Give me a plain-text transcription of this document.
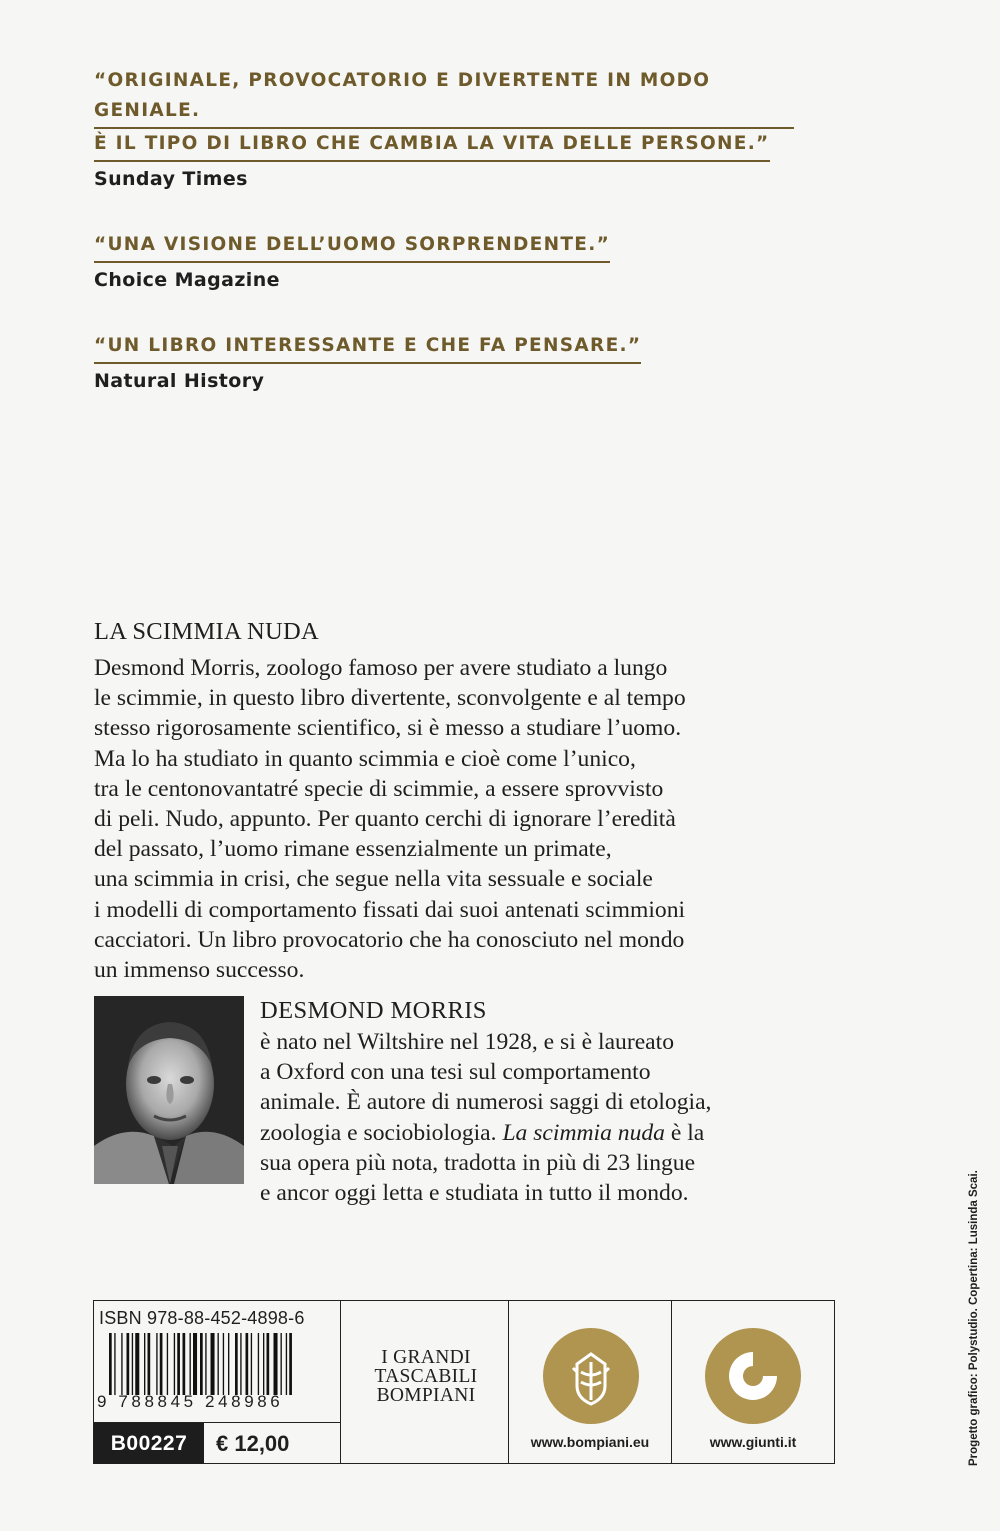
“ORIGINALE, PROVOCATORIO E DIVERTENTE IN MODO GENIALE.
È IL TIPO DI LIBRO CHE CAMBIA LA VITA DELLE PERSONE.”
Sunday Times
“UNA VISIONE DELL’UOMO SORPRENDENTE.”
Choice Magazine
“UN LIBRO INTERESSANTE E CHE FA PENSARE.”
Natural History
LA SCIMMIA NUDA
Desmond Morris, zoologo famoso per avere studiato a lungo
le scimmie, in questo libro divertente, sconvolgente e al tempo
stesso rigorosamente scientifico, si è messo a studiare l’uomo.
Ma lo ha studiato in quanto scimmia e cioè come l’unico,
tra le centonovantatré specie di scimmie, a essere sprovvisto
di peli. Nudo, appunto. Per quanto cerchi di ignorare l’eredità
del passato, l’uomo rimane essenzialmente un primate,
una scimmia in crisi, che segue nella vita sessuale e sociale
i modelli di comportamento fissati dai suoi antenati scimmioni
cacciatori. Un libro provocatorio che ha conosciuto nel mondo
un immenso successo.
DESMOND MORRIS
è nato nel Wiltshire nel 1928, e si è laureato
a Oxford con una tesi sul comportamento
animale. È autore di numerosi saggi di etologia,
zoologia e sociobiologia. La scimmia nuda è la
sua opera più nota, tradotta in più di 23 lingue
e ancor oggi letta e studiata in tutto il mondo.	Progetto grafico: Polystudio. Copertina: Lusinda Scai.
ISBN 978-88-452-4898-6
9 788845 248986
B00227	€ 12,00
I GRANDI
TASCABILI
BOMPIANI
www.bompiani.eu	www.giunti.it
